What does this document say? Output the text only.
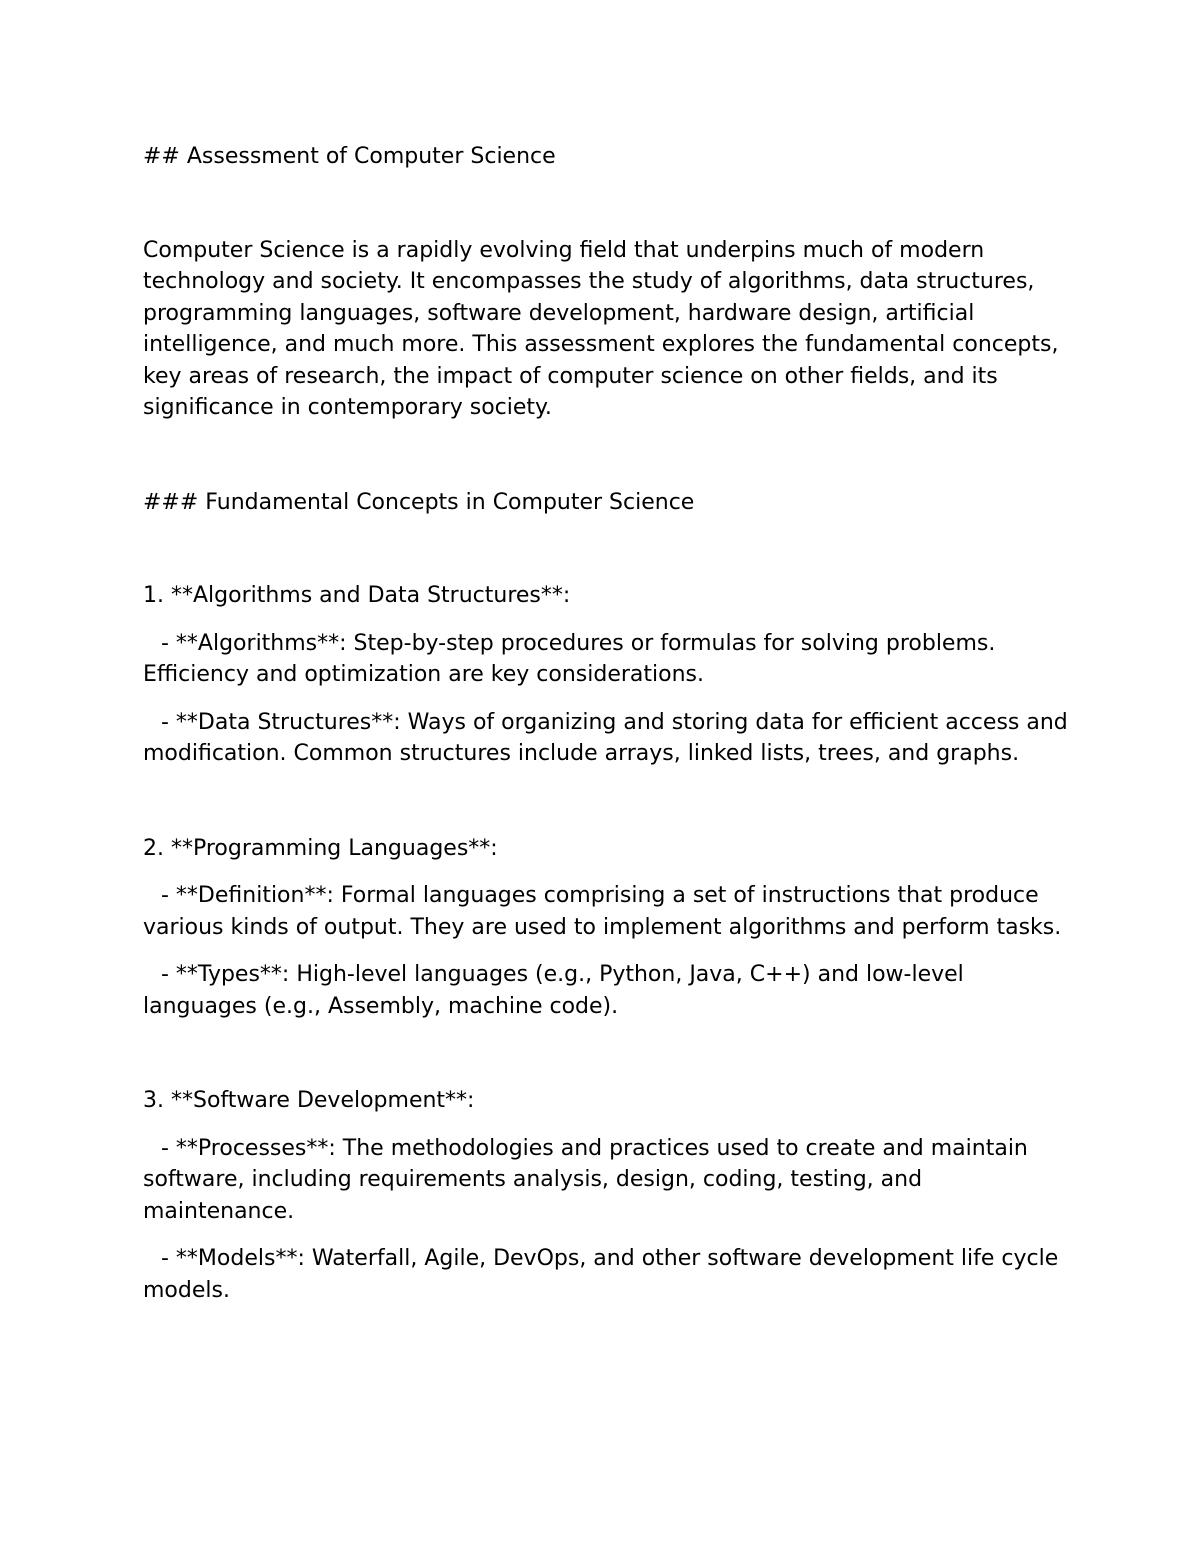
## Assessment of Computer Science

Computer Science is a rapidly evolving field that underpins much of modern technology and society. It encompasses the study of algorithms, data structures, programming languages, software development, hardware design, artificial intelligence, and much more. This assessment explores the fundamental concepts, key areas of research, the impact of computer science on other fields, and its significance in contemporary society.

### Fundamental Concepts in Computer Science

1. **Algorithms and Data Structures**:

- **Algorithms**: Step-by-step procedures or formulas for solving problems. Efficiency and optimization are key considerations.

- **Data Structures**: Ways of organizing and storing data for efficient access and modification. Common structures include arrays, linked lists, trees, and graphs.

2. **Programming Languages**:

- **Definition**: Formal languages comprising a set of instructions that produce various kinds of output. They are used to implement algorithms and perform tasks.

- **Types**: High-level languages (e.g., Python, Java, C++) and low-level languages (e.g., Assembly, machine code).

3. **Software Development**:

- **Processes**: The methodologies and practices used to create and maintain software, including requirements analysis, design, coding, testing, and maintenance.

- **Models**: Waterfall, Agile, DevOps, and other software development life cycle models.
